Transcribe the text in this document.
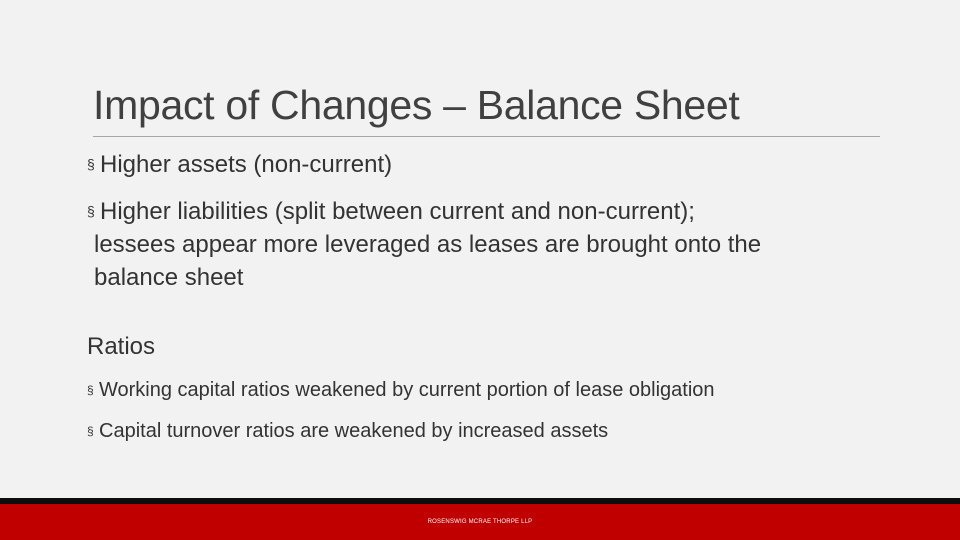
Impact of Changes – Balance Sheet
§ Higher assets (non-current)
§ Higher liabilities (split between current and non-current);
lessees appear more leveraged as leases are brought onto the
balance sheet
Ratios
§ Working capital ratios weakened by current portion of lease obligation
§ Capital turnover ratios are weakened by increased assets
ROSENSWIG MCRAE THORPE LLP
